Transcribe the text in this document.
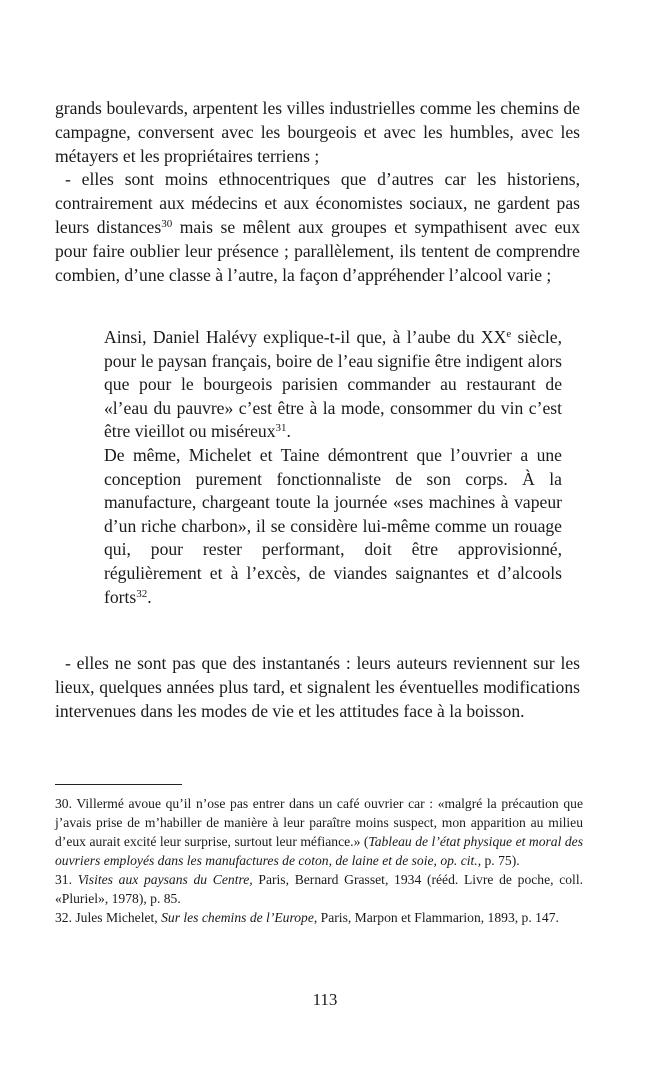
grands boulevards, arpentent les villes industrielles comme les chemins de campagne, conversent avec les bourgeois et avec les humbles, avec les métayers et les propriétaires terriens ;

- elles sont moins ethnocentriques que d’autres car les historiens, contrairement aux médecins et aux économistes sociaux, ne gardent pas leurs distances$^{30}$ mais se mêlent aux groupes et sympathisent avec eux pour faire oublier leur présence ; parallèlement, ils tentent de comprendre combien, d’une classe à l’autre, la façon d’appréhender l’alcool varie ;

Ainsi, Daniel Halévy explique-t-il que, à l’aube du XXe siècle, pour le paysan français, boire de l’eau signifie être indigent alors que pour le bourgeois parisien commander au restaurant de «l’eau du pauvre» c’est être à la mode, consommer du vin c’est être vieillot ou miséreux$^{31}$.

De même, Michelet et Taine démontrent que l’ouvrier a une conception purement fonctionnaliste de son corps. À la manufacture, chargeant toute la journée «ses machines à vapeur d’un riche charbon», il se considère lui-même comme un rouage qui, pour rester performant, doit être approvisionné, régulièrement et à l’excès, de viandes saignantes et d’alcools forts$^{32}$.

- elles ne sont pas que des instantanés : leurs auteurs reviennent sur les lieux, quelques années plus tard, et signalent les éventuelles modifications intervenues dans les modes de vie et les attitudes face à la boisson.

30. Villermé avoue qu’il n’ose pas entrer dans un café ouvrier car : «malgré la précaution que j’avais prise de m’habiller de manière à leur paraître moins suspect, mon apparition au milieu d’eux aurait excité leur surprise, surtout leur méfiance.» (Tableau de l’état physique et moral des ouvriers employés dans les manufactures de coton, de laine et de soie, op. cit., p. 75).

31. Visites aux paysans du Centre, Paris, Bernard Grasset, 1934 (rééd. Livre de poche, coll. «Pluriel», 1978), p. 85.

32. Jules Michelet, Sur les chemins de l’Europe, Paris, Marpon et Flammarion, 1893, p. 147.

113
